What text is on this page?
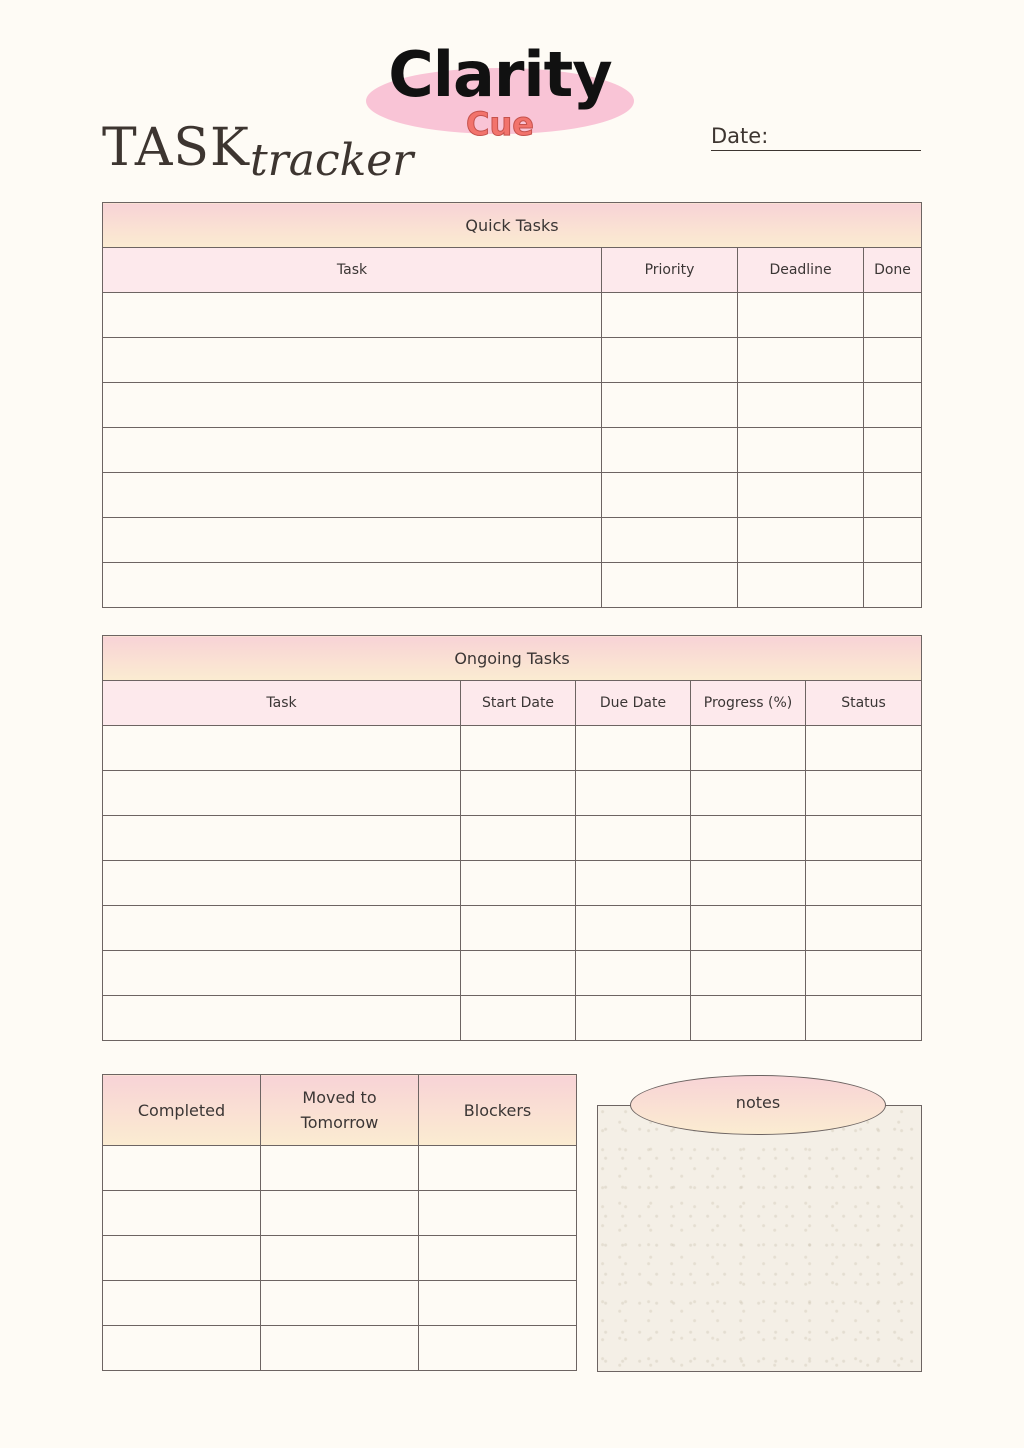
Clarity
Cue
TASK tracker	Date:
Quick Tasks			
Task	Priority	Deadline	Done

Ongoing Tasks				
Task	Start Date	Due Date	Progress (%)	Status

Completed	Moved to Tomorrow	Blockers

			notes
